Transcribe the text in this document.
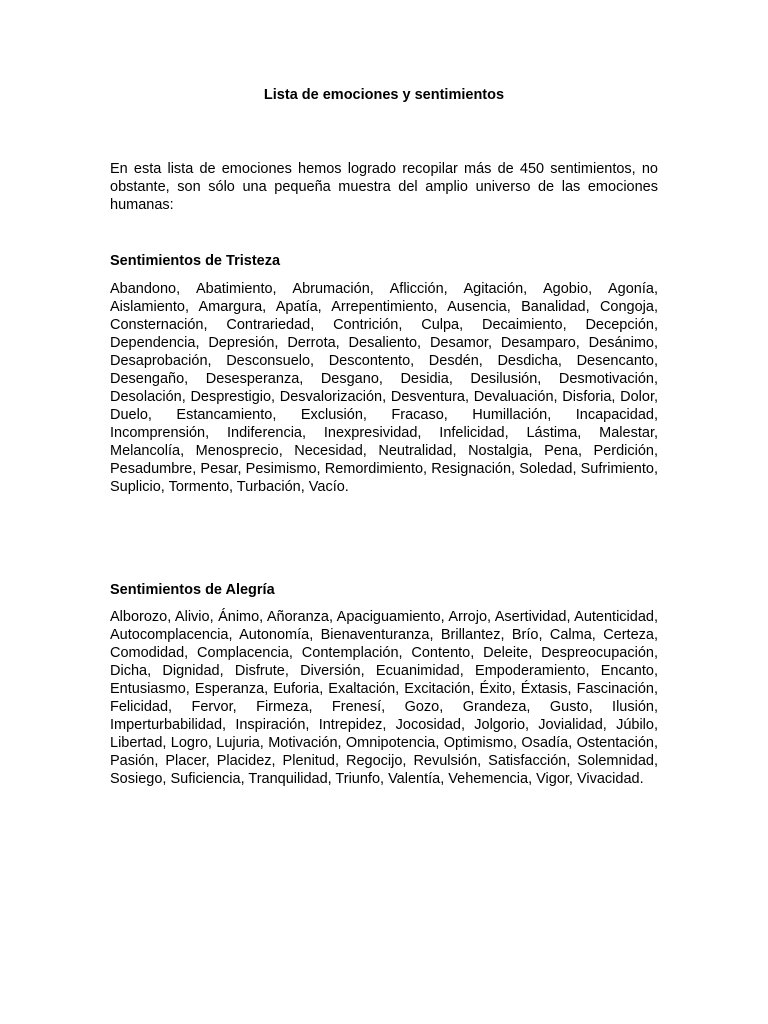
Lista de emociones y sentimientos

En esta lista de emociones hemos logrado recopilar más de 450 sentimientos, no obstante, son sólo una pequeña muestra del amplio universo de las emociones humanas:

Sentimientos de Tristeza

Abandono, Abatimiento, Abrumación, Aflicción, Agitación, Agobio, Agonía, Aislamiento, Amargura, Apatía, Arrepentimiento, Ausencia, Banalidad, Congoja, Consternación, Contrariedad, Contrición, Culpa, Decaimiento, Decepción, Dependencia, Depresión, Derrota, Desaliento, Desamor, Desamparo, Desánimo, Desaprobación, Desconsuelo, Descontento, Desdén, Desdicha, Desencanto, Desengaño, Desesperanza, Desgano, Desidia, Desilusión, Desmotivación, Desolación, Desprestigio, Desvalorización, Desventura, Devaluación, Disforia, Dolor, Duelo, Estancamiento, Exclusión, Fracaso, Humillación, Incapacidad, Incomprensión, Indiferencia, Inexpresividad, Infelicidad, Lástima, Malestar, Melancolía, Menosprecio, Necesidad, Neutralidad, Nostalgia, Pena, Perdición, Pesadumbre, Pesar, Pesimismo, Remordimiento, Resignación, Soledad, Sufrimiento, Suplicio, Tormento, Turbación, Vacío.

Sentimientos de Alegría

Alborozo, Alivio, Ánimo, Añoranza, Apaciguamiento, Arrojo, Asertividad, Autenticidad, Autocomplacencia, Autonomía, Bienaventuranza, Brillantez, Brío, Calma, Certeza, Comodidad, Complacencia, Contemplación, Contento, Deleite, Despreocupación, Dicha, Dignidad, Disfrute, Diversión, Ecuanimidad, Empoderamiento, Encanto, Entusiasmo, Esperanza, Euforia, Exaltación, Excitación, Éxito, Éxtasis, Fascinación, Felicidad, Fervor, Firmeza, Frenesí, Gozo, Grandeza, Gusto, Ilusión, Imperturbabilidad, Inspiración, Intrepidez, Jocosidad, Jolgorio, Jovialidad, Júbilo, Libertad, Logro, Lujuria, Motivación, Omnipotencia, Optimismo, Osadía, Ostentación, Pasión, Placer, Placidez, Plenitud, Regocijo, Revulsión, Satisfacción, Solemnidad, Sosiego, Suficiencia, Tranquilidad, Triunfo, Valentía, Vehemencia, Vigor, Vivacidad.
